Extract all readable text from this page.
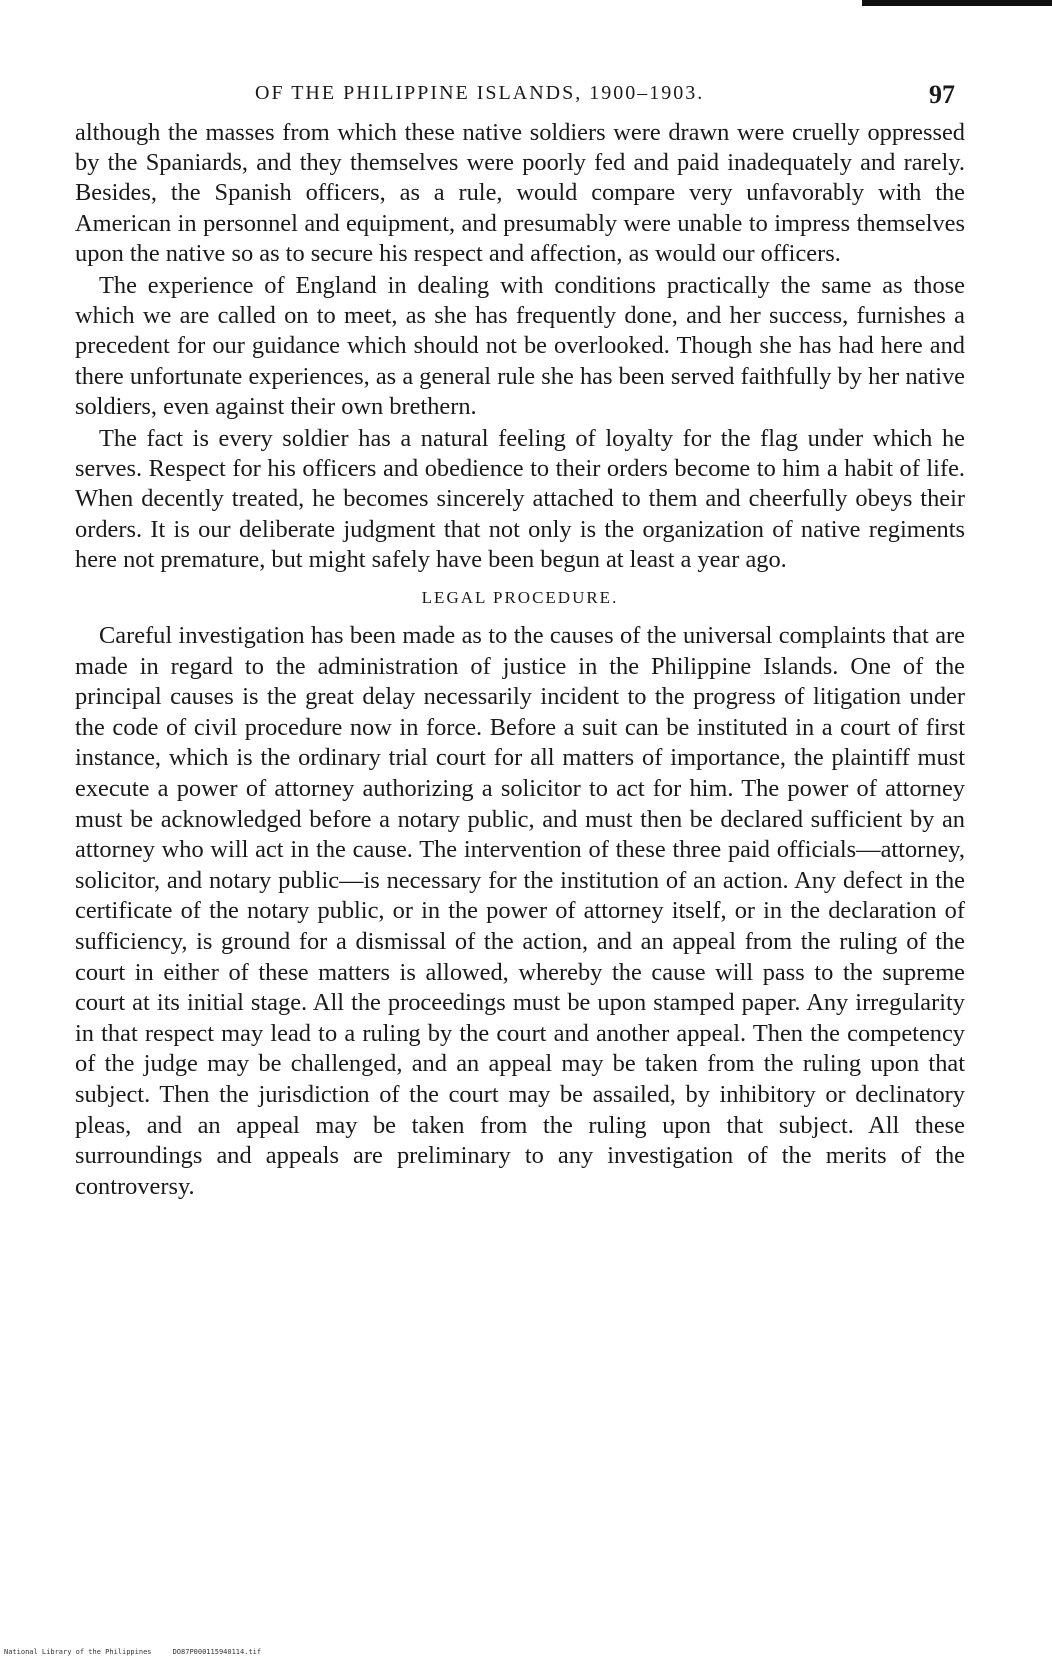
OF THE PHILIPPINE ISLANDS, 1900–1903.	97

although the masses from which these native soldiers were drawn were cruelly oppressed by the Spaniards, and they themselves were poorly fed and paid inadequately and rarely. Besides, the Spanish officers, as a rule, would compare very unfavorably with the American in personnel and equipment, and presumably were unable to impress themselves upon the native so as to secure his respect and affection, as would our officers.

The experience of England in dealing with conditions practically the same as those which we are called on to meet, as she has frequently done, and her success, furnishes a precedent for our guidance which should not be overlooked. Though she has had here and there unfortunate experiences, as a general rule she has been served faithfully by her native soldiers, even against their own brethern.

The fact is every soldier has a natural feeling of loyalty for the flag under which he serves. Respect for his officers and obedience to their orders become to him a habit of life. When decently treated, he becomes sincerely attached to them and cheerfully obeys their orders. It is our deliberate judgment that not only is the organization of native regiments here not premature, but might safely have been begun at least a year ago.

LEGAL PROCEDURE.

Careful investigation has been made as to the causes of the universal complaints that are made in regard to the administration of justice in the Philippine Islands. One of the principal causes is the great delay necessarily incident to the progress of litigation under the code of civil procedure now in force. Before a suit can be instituted in a court of first instance, which is the ordinary trial court for all matters of importance, the plaintiff must execute a power of attorney authorizing a solicitor to act for him. The power of attorney must be acknowledged before a notary public, and must then be declared sufficient by an attorney who will act in the cause. The intervention of these three paid officials—attorney, solicitor, and notary public—is necessary for the institution of an action. Any defect in the certificate of the notary public, or in the power of attorney itself, or in the declaration of sufficiency, is ground for a dismissal of the action, and an appeal from the ruling of the court in either of these matters is allowed, whereby the cause will pass to the supreme court at its initial stage. All the proceedings must be upon stamped paper. Any irregularity in that respect may lead to a ruling by the court and another appeal. Then the competency of the judge may be challenged, and an appeal may be taken from the ruling upon that subject. Then the jurisdiction of the court may be assailed, by inhibitory or declinatory pleas, and an appeal may be taken from the ruling upon that subject. All these surroundings and appeals are preliminary to any investigation of the merits of the controversy.

National Library of the Philippines	DO87P000115940114.tif
